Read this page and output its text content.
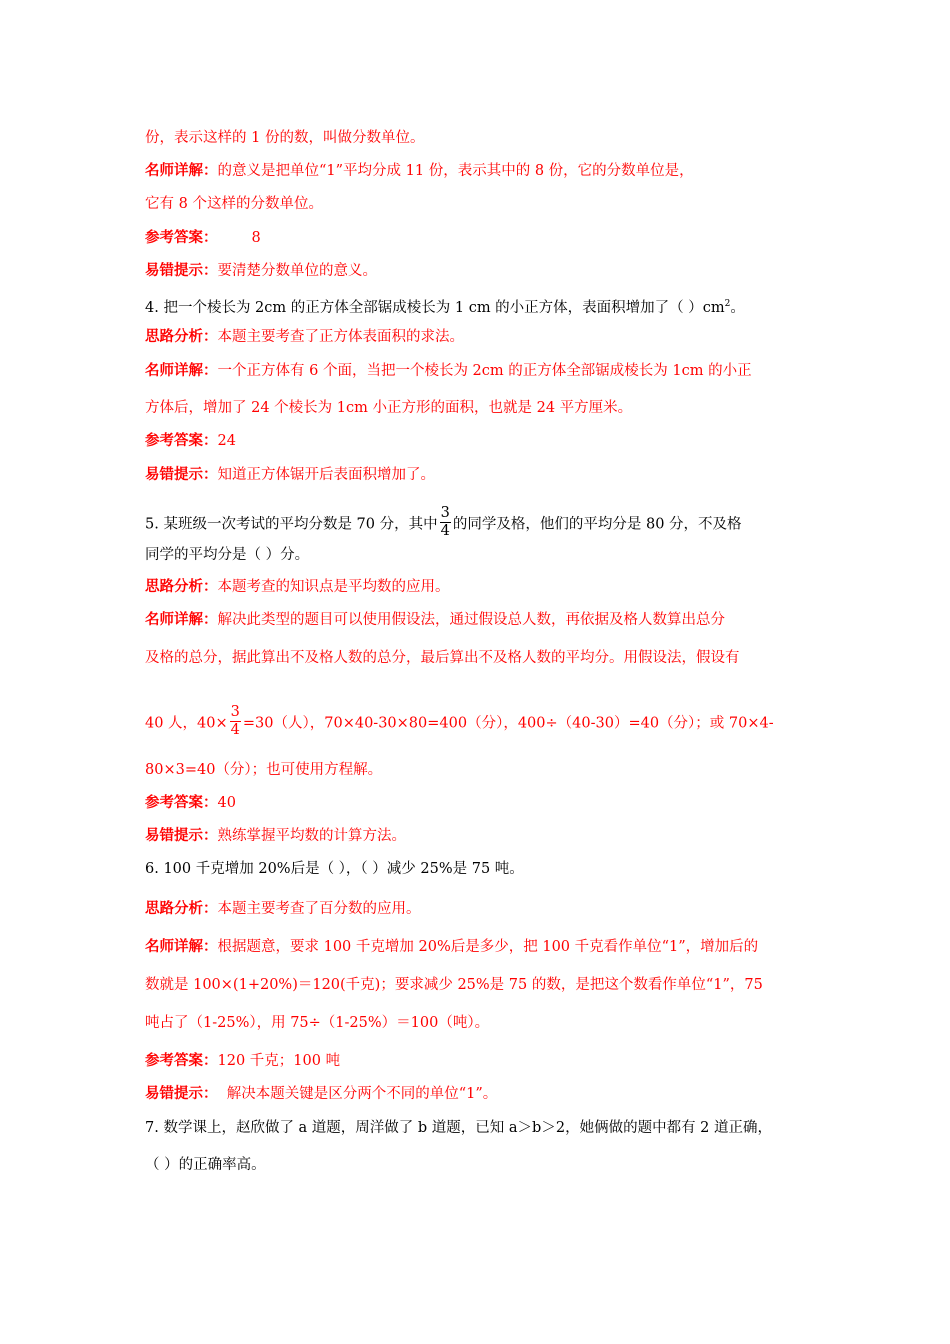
份，表示这样的 1 份的数，叫做分数单位。
名师详解：的意义是把单位“1”平均分成 11 份，表示其中的 8 份，它的分数单位是，
它有 8 个这样的分数单位。
参考答案： 8
易错提示：要清楚分数单位的意义。
4. 把一个棱长为 2cm 的正方体全部锯成棱长为 1 cm 的小正方体，表面积增加了（ ）$cm^2$。
思路分析：本题主要考查了正方体表面积的求法。
名师详解：一个正方体有 6 个面，当把一个棱长为 2cm 的正方体全部锯成棱长为 1cm 的小正
方体后，增加了 24 个棱长为 1cm 小正方形的面积，也就是 24 平方厘米。
参考答案：24
易错提示：知道正方体锯开后表面积增加了。
5. 某班级一次考试的平均分数是 70 分，其中 $\frac{3}{4}$ 的同学及格，他们的平均分是 80 分，不及格
同学的平均分是（ ）分。
思路分析：本题考查的知识点是平均数的应用。
名师详解：解决此类型的题目可以使用假设法，通过假设总人数，再依据及格人数算出总分
及格的总分，据此算出不及格人数的总分，最后算出不及格人数的平均分。用假设法，假设有
40 人，$40\times \frac{3}{4} =30$（人），70×40-30×80=400（分），400÷（40-30）=40（分）；或 70×4-
80×3=40（分）；也可使用方程解。
参考答案：40
易错提示：熟练掌握平均数的计算方法。
6. 100 千克增加 20%后是（ ），（ ）减少 25%是 75 吨。
思路分析：本题主要考查了百分数的应用。
名师详解：根据题意，要求 100 千克增加 20%后是多少，把 100 千克看作单位“1”，增加后的
数就是 100×(1+20%)＝120(千克)；要求减少 25%是 75 的数，是把这个数看作单位“1”，75
吨占了（1-25%），用 75÷（1-25%）＝100（吨）。
参考答案：120 千克；100 吨
易错提示：  解决本题关键是区分两个不同的单位“1”。
7. 数学课上，赵欣做了 a 道题，周洋做了 b 道题，已知 a＞b＞2，她俩做的题中都有 2 道正确，
（ ）的正确率高。
